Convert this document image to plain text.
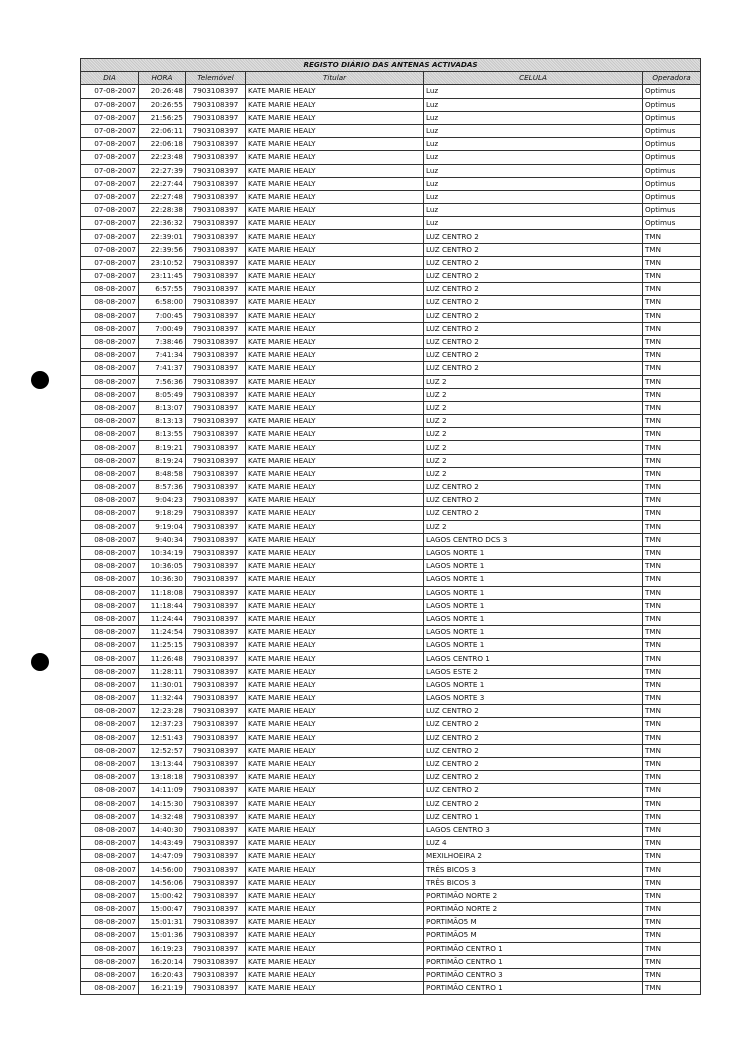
REGISTO DIÁRIO DAS ANTENAS ACTIVADAS					
DIA	HORA	Telemóvel	Titular	CELULA	Operadora
07-08-2007	20:26:48	7903108397	KATE MARIE HEALY	Luz	Optimus
07-08-2007	20:26:55	7903108397	KATE MARIE HEALY	Luz	Optimus
07-08-2007	21:56:25	7903108397	KATE MARIE HEALY	Luz	Optimus
07-08-2007	22:06:11	7903108397	KATE MARIE HEALY	Luz	Optimus
07-08-2007	22:06:18	7903108397	KATE MARIE HEALY	Luz	Optimus
07-08-2007	22:23:48	7903108397	KATE MARIE HEALY	Luz	Optimus
07-08-2007	22:27:39	7903108397	KATE MARIE HEALY	Luz	Optimus
07-08-2007	22:27:44	7903108397	KATE MARIE HEALY	Luz	Optimus
07-08-2007	22:27:48	7903108397	KATE MARIE HEALY	Luz	Optimus
07-08-2007	22:28:38	7903108397	KATE MARIE HEALY	Luz	Optimus
07-08-2007	22:36:32	7903108397	KATE MARIE HEALY	Luz	Optimus
07-08-2007	22:39:01	7903108397	KATE MARIE HEALY	LUZ CENTRO 2	TMN
07-08-2007	22:39:56	7903108397	KATE MARIE HEALY	LUZ CENTRO 2	TMN
07-08-2007	23:10:52	7903108397	KATE MARIE HEALY	LUZ CENTRO 2	TMN
07-08-2007	23:11:45	7903108397	KATE MARIE HEALY	LUZ CENTRO 2	TMN
08-08-2007	6:57:55	7903108397	KATE MARIE HEALY	LUZ CENTRO 2	TMN
08-08-2007	6:58:00	7903108397	KATE MARIE HEALY	LUZ CENTRO 2	TMN
08-08-2007	7:00:45	7903108397	KATE MARIE HEALY	LUZ CENTRO 2	TMN
08-08-2007	7:00:49	7903108397	KATE MARIE HEALY	LUZ CENTRO 2	TMN
08-08-2007	7:38:46	7903108397	KATE MARIE HEALY	LUZ CENTRO 2	TMN
08-08-2007	7:41:34	7903108397	KATE MARIE HEALY	LUZ CENTRO 2	TMN
08-08-2007	7:41:37	7903108397	KATE MARIE HEALY	LUZ CENTRO 2	TMN
08-08-2007	7:56:36	7903108397	KATE MARIE HEALY	LUZ 2	TMN
08-08-2007	8:05:49	7903108397	KATE MARIE HEALY	LUZ 2	TMN
08-08-2007	8:13:07	7903108397	KATE MARIE HEALY	LUZ 2	TMN
08-08-2007	8:13:13	7903108397	KATE MARIE HEALY	LUZ 2	TMN
08-08-2007	8:13:55	7903108397	KATE MARIE HEALY	LUZ 2	TMN
08-08-2007	8:19:21	7903108397	KATE MARIE HEALY	LUZ 2	TMN
08-08-2007	8:19:24	7903108397	KATE MARIE HEALY	LUZ 2	TMN
08-08-2007	8:48:58	7903108397	KATE MARIE HEALY	LUZ 2	TMN
08-08-2007	8:57:36	7903108397	KATE MARIE HEALY	LUZ CENTRO 2	TMN
08-08-2007	9:04:23	7903108397	KATE MARIE HEALY	LUZ CENTRO 2	TMN
08-08-2007	9:18:29	7903108397	KATE MARIE HEALY	LUZ CENTRO 2	TMN
08-08-2007	9:19:04	7903108397	KATE MARIE HEALY	LUZ 2	TMN
08-08-2007	9:40:34	7903108397	KATE MARIE HEALY	LAGOS CENTRO DCS 3	TMN
08-08-2007	10:34:19	7903108397	KATE MARIE HEALY	LAGOS NORTE 1	TMN
08-08-2007	10:36:05	7903108397	KATE MARIE HEALY	LAGOS NORTE 1	TMN
08-08-2007	10:36:30	7903108397	KATE MARIE HEALY	LAGOS NORTE 1	TMN
08-08-2007	11:18:08	7903108397	KATE MARIE HEALY	LAGOS NORTE 1	TMN
08-08-2007	11:18:44	7903108397	KATE MARIE HEALY	LAGOS NORTE 1	TMN
08-08-2007	11:24:44	7903108397	KATE MARIE HEALY	LAGOS NORTE 1	TMN
08-08-2007	11:24:54	7903108397	KATE MARIE HEALY	LAGOS NORTE 1	TMN
08-08-2007	11:25:15	7903108397	KATE MARIE HEALY	LAGOS NORTE 1	TMN
08-08-2007	11:26:48	7903108397	KATE MARIE HEALY	LAGOS CENTRO 1	TMN
08-08-2007	11:28:11	7903108397	KATE MARIE HEALY	LAGOS ESTE 2	TMN
08-08-2007	11:30:01	7903108397	KATE MARIE HEALY	LAGOS NORTE 1	TMN
08-08-2007	11:32:44	7903108397	KATE MARIE HEALY	LAGOS NORTE 3	TMN
08-08-2007	12:23:28	7903108397	KATE MARIE HEALY	LUZ CENTRO 2	TMN
08-08-2007	12:37:23	7903108397	KATE MARIE HEALY	LUZ CENTRO 2	TMN
08-08-2007	12:51:43	7903108397	KATE MARIE HEALY	LUZ CENTRO 2	TMN
08-08-2007	12:52:57	7903108397	KATE MARIE HEALY	LUZ CENTRO 2	TMN
08-08-2007	13:13:44	7903108397	KATE MARIE HEALY	LUZ CENTRO 2	TMN
08-08-2007	13:18:18	7903108397	KATE MARIE HEALY	LUZ CENTRO 2	TMN
08-08-2007	14:11:09	7903108397	KATE MARIE HEALY	LUZ CENTRO 2	TMN
08-08-2007	14:15:30	7903108397	KATE MARIE HEALY	LUZ CENTRO 2	TMN
08-08-2007	14:32:48	7903108397	KATE MARIE HEALY	LUZ CENTRO 1	TMN
08-08-2007	14:40:30	7903108397	KATE MARIE HEALY	LAGOS CENTRO 3	TMN
08-08-2007	14:43:49	7903108397	KATE MARIE HEALY	LUZ 4	TMN
08-08-2007	14:47:09	7903108397	KATE MARIE HEALY	MEXILHOEIRA 2	TMN
08-08-2007	14:56:00	7903108397	KATE MARIE HEALY	TRÊS BICOS 3	TMN
08-08-2007	14:56:06	7903108397	KATE MARIE HEALY	TRÊS BICOS 3	TMN
08-08-2007	15:00:42	7903108397	KATE MARIE HEALY	PORTIMÃO NORTE 2	TMN
08-08-2007	15:00:47	7903108397	KATE MARIE HEALY	PORTIMÃO NORTE 2	TMN
08-08-2007	15:01:31	7903108397	KATE MARIE HEALY	PORTIMÃO5 M	TMN
08-08-2007	15:01:36	7903108397	KATE MARIE HEALY	PORTIMÃO5 M	TMN
08-08-2007	16:19:23	7903108397	KATE MARIE HEALY	PORTIMÃO CENTRO 1	TMN
08-08-2007	16:20:14	7903108397	KATE MARIE HEALY	PORTIMÃO CENTRO 1	TMN
08-08-2007	16:20:43	7903108397	KATE MARIE HEALY	PORTIMÃO CENTRO 3	TMN
08-08-2007	16:21:19	7903108397	KATE MARIE HEALY	PORTIMÃO CENTRO 1	TMN
